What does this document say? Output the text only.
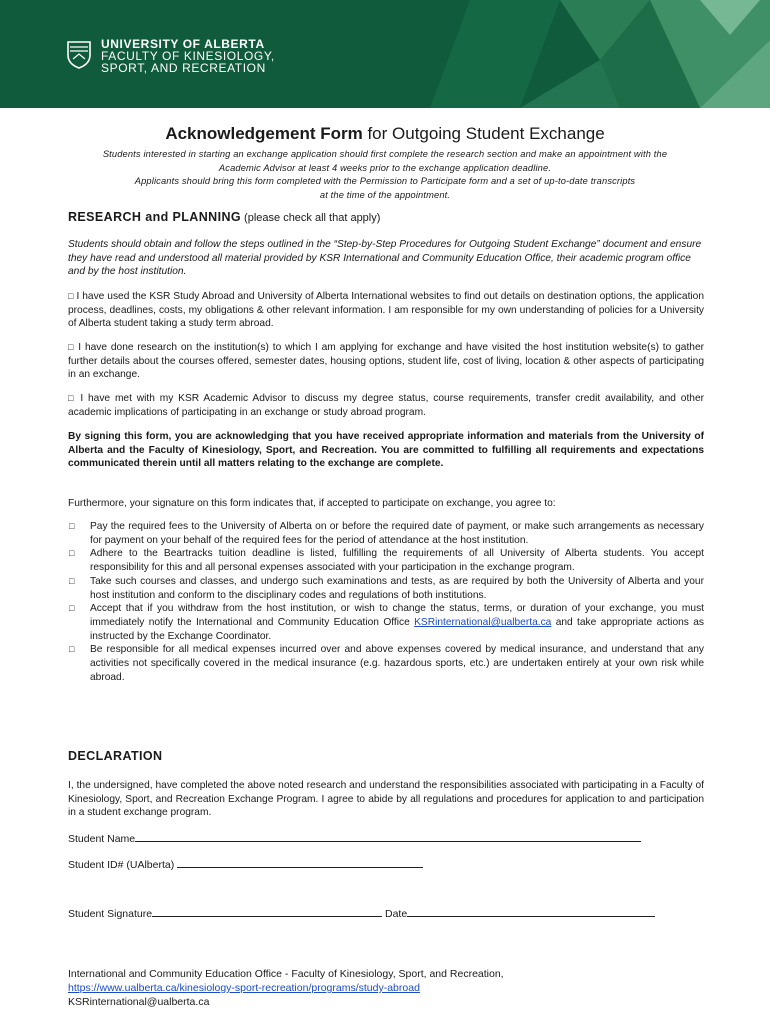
UNIVERSITY OF ALBERTA
FACULTY OF KINESIOLOGY,
SPORT, AND RECREATION
Acknowledgement Form for Outgoing Student Exchange
Students interested in starting an exchange application should first complete the research section and make an appointment with the
Academic Advisor at least 4 weeks prior to the exchange application deadline.
Applicants should bring this form completed with the Permission to Participate form and a set of up-to-date transcripts
at the time of the appointment.
RESEARCH and PLANNING (please check all that apply)
Students should obtain and follow the steps outlined in the “Step-by-Step Procedures for Outgoing Student Exchange” document and ensure they have read and understood all material provided by KSR International and Community Education Office, their academic program office and by the host institution.
□ I have used the KSR Study Abroad and University of Alberta International websites to find out details on destination options, the application process, deadlines, costs, my obligations & other relevant information. I am responsible for my own understanding of policies for a University of Alberta student taking a study term abroad.
□ I have done research on the institution(s) to which I am applying for exchange and have visited the host institution website(s) to gather further details about the courses offered, semester dates, housing options, student life, cost of living, location & other aspects of participating in an exchange.
□ I have met with my KSR Academic Advisor to discuss my degree status, course requirements, transfer credit availability, and other academic implications of participating in an exchange or study abroad program.
By signing this form, you are acknowledging that you have received appropriate information and materials from the University of Alberta and the Faculty of Kinesiology, Sport, and Recreation. You are committed to fulfilling all requirements and expectations communicated therein until all matters relating to the exchange are complete.
Furthermore, your signature on this form indicates that, if accepted to participate on exchange, you agree to:
□ Pay the required fees to the University of Alberta on or before the required date of payment, or make such arrangements as necessary for payment on your behalf of the required fees for the period of attendance at the host institution.
□ Adhere to the Beartracks tuition deadline is listed, fulfilling the requirements of all University of Alberta students. You accept responsibility for this and all personal expenses associated with your participation in the exchange program.
□ Take such courses and classes, and undergo such examinations and tests, as are required by both the University of Alberta and your host institution and conform to the disciplinary codes and regulations of both institutions.
□ Accept that if you withdraw from the host institution, or wish to change the status, terms, or duration of your exchange, you must immediately notify the International and Community Education Office KSRinternational@ualberta.ca and take appropriate actions as instructed by the Exchange Coordinator.
□ Be responsible for all medical expenses incurred over and above expenses covered by medical insurance, and understand that any activities not specifically covered in the medical insurance (e.g. hazardous sports, etc.) are undertaken entirely at your own risk while abroad.
DECLARATION
I, the undersigned, have completed the above noted research and understand the responsibilities associated with participating in a Faculty of Kinesiology, Sport, and Recreation Exchange Program. I agree to abide by all regulations and procedures for application to and participation in a student exchange program.
Student Name
Student ID# (UAlberta)
Student Signature	Date
International and Community Education Office - Faculty of Kinesiology, Sport, and Recreation,
https://www.ualberta.ca/kinesiology-sport-recreation/programs/study-abroad
KSRinternational@ualberta.ca
